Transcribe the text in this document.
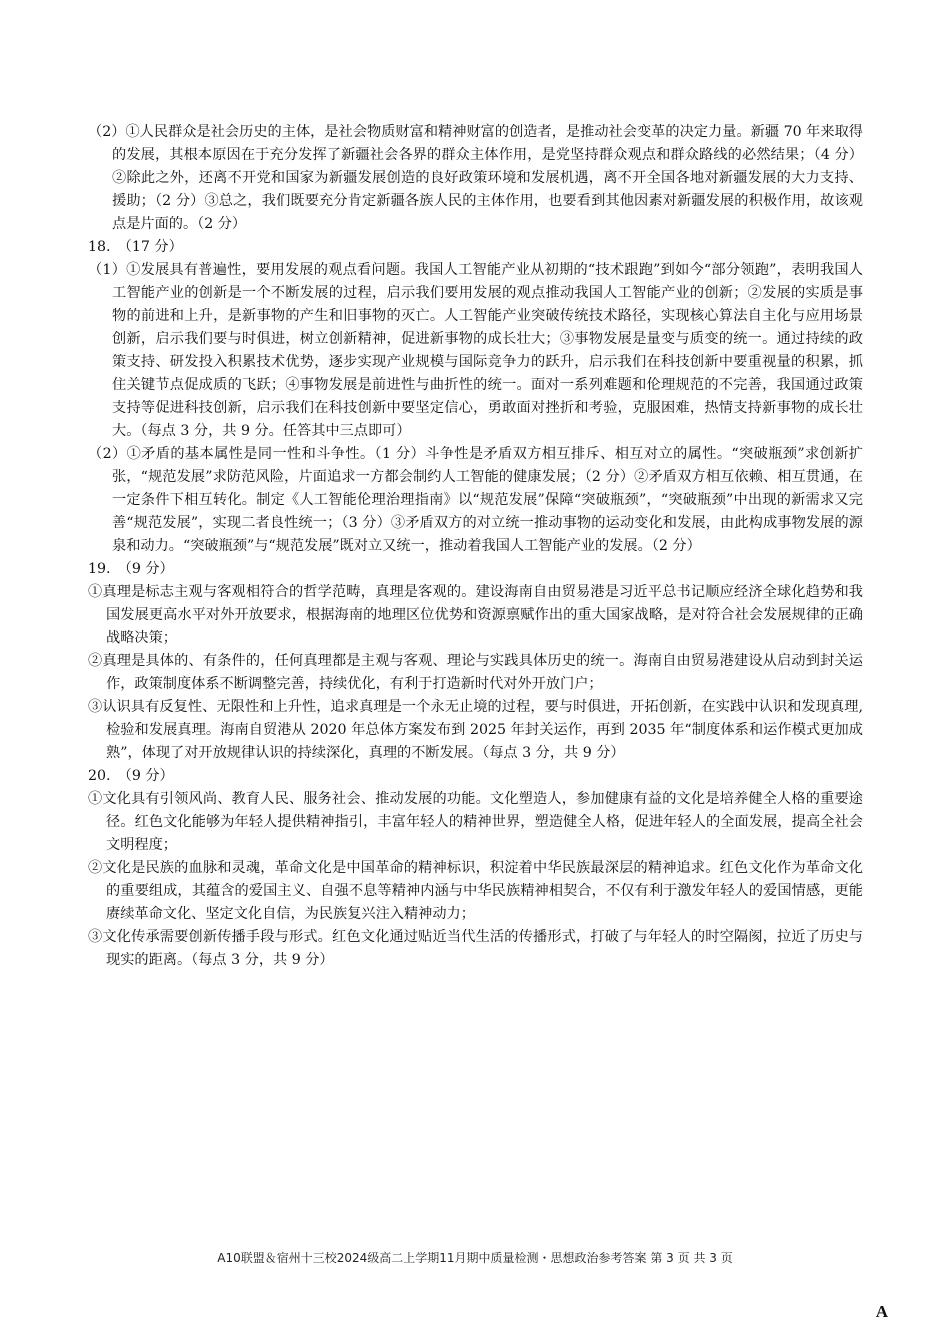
（2）①人民群众是社会历史的主体，是社会物质财富和精神财富的创造者，是推动社会变革的决定力量。新疆 70 年来取得的发展，其根本原因在于充分发挥了新疆社会各界的群众主体作用，是党坚持群众观点和群众路线的必然结果；（4 分）②除此之外，还离不开党和国家为新疆发展创造的良好政策环境和发展机遇，离不开全国各地对新疆发展的大力支持、援助；（2 分）③总之，我们既要充分肯定新疆各族人民的主体作用，也要看到其他因素对新疆发展的积极作用，故该观点是片面的。（2 分）

18.　（17 分）

（1）①发展具有普遍性，要用发展的观点看问题。我国人工智能产业从初期的“技术跟跑”到如今“部分领跑”，表明我国人工智能产业的创新是一个不断发展的过程，启示我们要用发展的观点推动我国人工智能产业的创新；②发展的实质是事物的前进和上升，是新事物的产生和旧事物的灭亡。人工智能产业突破传统技术路径，实现核心算法自主化与应用场景创新，启示我们要与时俱进，树立创新精神，促进新事物的成长壮大；③事物发展是量变与质变的统一。通过持续的政策支持、研发投入积累技术优势，逐步实现产业规模与国际竞争力的跃升，启示我们在科技创新中要重视量的积累，抓住关键节点促成质的飞跃；④事物发展是前进性与曲折性的统一。面对一系列难题和伦理规范的不完善，我国通过政策支持等促进科技创新，启示我们在科技创新中要坚定信心，勇敢面对挫折和考验，克服困难，热情支持新事物的成长壮大。（每点 3 分，共 9 分。任答其中三点即可）

（2）①矛盾的基本属性是同一性和斗争性。（1 分）斗争性是矛盾双方相互排斥、相互对立的属性。“突破瓶颈”求创新扩张，“规范发展”求防范风险，片面追求一方都会制约人工智能的健康发展；（2 分）②矛盾双方相互依赖、相互贯通，在一定条件下相互转化。制定《人工智能伦理治理指南》以“规范发展”保障“突破瓶颈”，“突破瓶颈”中出现的新需求又完善“规范发展”，实现二者良性统一；（3 分）③矛盾双方的对立统一推动事物的运动变化和发展，由此构成事物发展的源泉和动力。“突破瓶颈”与“规范发展”既对立又统一，推动着我国人工智能产业的发展。（2 分）

19.　（9 分）

①真理是标志主观与客观相符合的哲学范畴，真理是客观的。建设海南自由贸易港是习近平总书记顺应经济全球化趋势和我国发展更高水平对外开放要求，根据海南的地理区位优势和资源禀赋作出的重大国家战略，是对符合社会发展规律的正确战略决策；

②真理是具体的、有条件的，任何真理都是主观与客观、理论与实践具体历史的统一。海南自由贸易港建设从启动到封关运作，政策制度体系不断调整完善，持续优化，有利于打造新时代对外开放门户；

③认识具有反复性、无限性和上升性，追求真理是一个永无止境的过程，要与时俱进，开拓创新，在实践中认识和发现真理,检验和发展真理。海南自贸港从 2020 年总体方案发布到 2025 年封关运作，再到 2035 年“制度体系和运作模式更加成熟”，体现了对开放规律认识的持续深化，真理的不断发展。（每点 3 分，共 9 分）

20.　（9 分）

①文化具有引领风尚、教育人民、服务社会、推动发展的功能。文化塑造人，参加健康有益的文化是培养健全人格的重要途径。红色文化能够为年轻人提供精神指引，丰富年轻人的精神世界，塑造健全人格，促进年轻人的全面发展，提高全社会文明程度；

②文化是民族的血脉和灵魂，革命文化是中国革命的精神标识，积淀着中华民族最深层的精神追求。红色文化作为革命文化的重要组成，其蕴含的爱国主义、自强不息等精神内涵与中华民族精神相契合，不仅有利于激发年轻人的爱国情感，更能赓续革命文化、坚定文化自信，为民族复兴注入精神动力；

③文化传承需要创新传播手段与形式。红色文化通过贴近当代生活的传播形式，打破了与年轻人的时空隔阂，拉近了历史与现实的距离。（每点 3 分，共 9 分）

A10联盟＆宿州十三校2024级高二上学期11月期中质量检测・思想政治参考答案 第 3 页 共 3 页
A
